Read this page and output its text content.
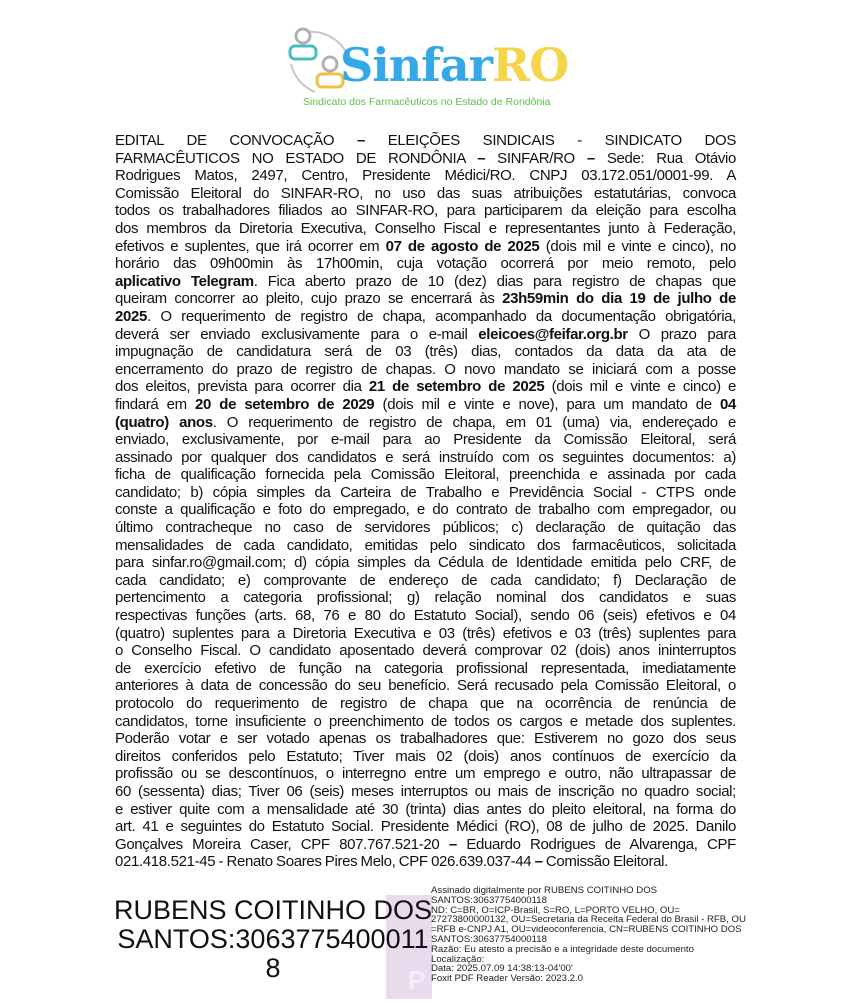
SinfarRO
Sindicato dos Farmacêuticos no Estado de Rondônia
EDITAL DE CONVOCAÇÃO – ELEIÇÕES SINDICAIS - SINDICATO DOS
FARMACÊUTICOS NO ESTADO DE RONDÔNIA – SINFAR/RO – Sede: Rua Otávio
Rodrigues Matos, 2497, Centro, Presidente Médici/RO. CNPJ 03.172.051/0001-99. A
Comissão Eleitoral do SINFAR-RO, no uso das suas atribuições estatutárias, convoca
todos os trabalhadores filiados ao SINFAR-RO, para participarem da eleição para escolha
dos membros da Diretoria Executiva, Conselho Fiscal e representantes junto à Federação,
efetivos e suplentes, que irá ocorrer em 07 de agosto de 2025 (dois mil e vinte e cinco), no
horário das 09h00min às 17h00min, cuja votação ocorrerá por meio remoto, pelo
aplicativo Telegram. Fica aberto prazo de 10 (dez) dias para registro de chapas que
queiram concorrer ao pleito, cujo prazo se encerrará às 23h59min do dia 19 de julho de
2025. O requerimento de registro de chapa, acompanhado da documentação obrigatória,
deverá ser enviado exclusivamente para o e-mail eleicoes@feifar.org.br O prazo para
impugnação de candidatura será de 03 (três) dias, contados da data da ata de
encerramento do prazo de registro de chapas. O novo mandato se iniciará com a posse
dos eleitos, prevista para ocorrer dia 21 de setembro de 2025 (dois mil e vinte e cinco) e
findará em 20 de setembro de 2029 (dois mil e vinte e nove), para um mandato de 04
(quatro) anos. O requerimento de registro de chapa, em 01 (uma) via, endereçado e
enviado, exclusivamente, por e-mail para ao Presidente da Comissão Eleitoral, será
assinado por qualquer dos candidatos e será instruído com os seguintes documentos: a)
ficha de qualificação fornecida pela Comissão Eleitoral, preenchida e assinada por cada
candidato; b) cópia simples da Carteira de Trabalho e Previdência Social - CTPS onde
conste a qualificação e foto do empregado, e do contrato de trabalho com empregador, ou
último contracheque no caso de servidores públicos; c) declaração de quitação das
mensalidades de cada candidato, emitidas pelo sindicato dos farmacêuticos, solicitada
para sinfar.ro@gmail.com; d) cópia simples da Cédula de Identidade emitida pelo CRF, de
cada candidato; e) comprovante de endereço de cada candidato; f) Declaração de
pertencimento a categoria profissional; g) relação nominal dos candidatos e suas
respectivas funções (arts. 68, 76 e 80 do Estatuto Social), sendo 06 (seis) efetivos e 04
(quatro) suplentes para a Diretoria Executiva e 03 (três) efetivos e 03 (três) suplentes para
o Conselho Fiscal. O candidato aposentado deverá comprovar 02 (dois) anos ininterruptos
de exercício efetivo de função na categoria profissional representada, imediatamente
anteriores à data de concessão do seu benefício. Será recusado pela Comissão Eleitoral, o
protocolo do requerimento de registro de chapa que na ocorrência de renúncia de
candidatos, torne insuficiente o preenchimento de todos os cargos e metade dos suplentes.
Poderão votar e ser votado apenas os trabalhadores que: Estiverem no gozo dos seus
direitos conferidos pelo Estatuto; Tiver mais 02 (dois) anos contínuos de exercício da
profissão ou se descontínuos, o interregno entre um emprego e outro, não ultrapassar de
60 (sessenta) dias; Tiver 06 (seis) meses interruptos ou mais de inscrição no quadro social;
e estiver quite com a mensalidade até 30 (trinta) dias antes do pleito eleitoral, na forma do
art. 41 e seguintes do Estatuto Social. Presidente Médici (RO), 08 de julho de 2025. Danilo
Gonçalves Moreira Caser, CPF 807.767.521-20 – Eduardo Rodrigues de Alvarenga, CPF
021.418.521-45 - Renato Soares Pires Melo, CPF 026.639.037-44 – Comissão Eleitoral.
P
RUBENS COITINHO DOS
SANTOS:3063775400011
8
Assinado digitalmente por RUBENS COITINHO DOS
SANTOS:30637754000118
ND: C=BR, O=ICP-Brasil, S=RO, L=PORTO VELHO, OU=
27273800000132, OU=Secretaria da Receita Federal do Brasil - RFB, OU
=RFB e-CNPJ A1, OU=videoconferencia, CN=RUBENS COITINHO DOS
SANTOS:30637754000118
Razão: Eu atesto a precisão e a integridade deste documento
Localização:
Data: 2025.07.09 14:38:13-04'00'
Foxit PDF Reader Versão: 2023.2.0
